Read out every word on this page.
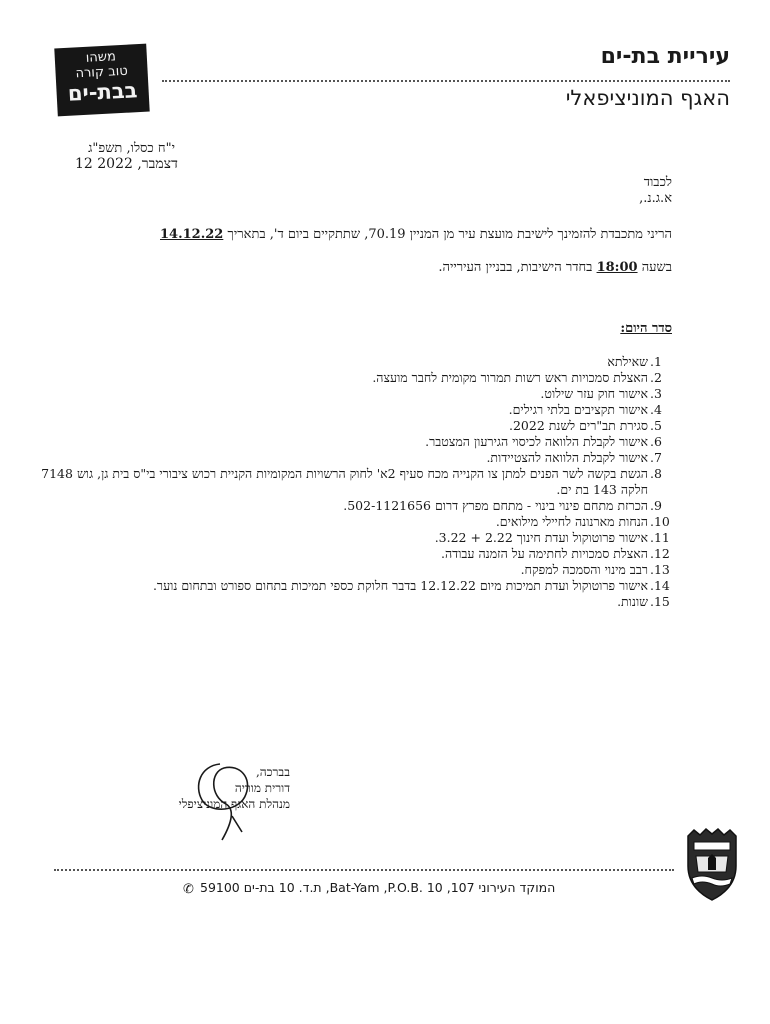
משהו
טוב קורה
בבת-ים
עיריית בת-ים
האגף המוניציפאלי
י"ח כסלו, תשפ"ג
12 דצמבר, 2022
לכבוד
א.ג.נ.,
הריני מתכבדת להזמינך לישיבת מועצת עיר מן המניין 70.19, שתתקיים ביום ד', בתאריך 14.12.22
בשעה 18:00 בחדר הישיבות, בבניין העירייה.
סדר היום:
1.
שאילתא
2.
האצלת סמכויות ראש רשות תמרור מקומית לחבר מועצה.
3.
אישור חוק עזר שילוט.
4.
אישור תקציבים בלתי רגילים.
5.
סגירת תב"רים לשנת 2022.
6.
אישור לקבלת הלוואה לכיסוי הגירעון המצטבר.
7.
אישור לקבלת הלוואה להצטיידות.
8.
הגשת בקשה לשר הפנים למתן צו הקנייה מכח סעיף 2א' לחוק הרשויות המקומיות הקניית רכוש ציבורי בי"ס בית גן, גוש 7148 חלקה 143 בת ים.
9.
הכרזת מתחם פינוי בינוי - מתחם מפרץ דרום 502-1121656.
10.
הנחות מארנונה לחיילי מילואים.
11.
אישור פרוטוקול ועדת חינוך 2.22 + 3.22.
12.
האצלת סמכויות לחתימה על הזמנה עבודה.
13.
רבב מינוי והסמכה למפקח.
14.
אישור פרוטוקול ועדת תמיכות מיום 12.12.22 בדבר חלוקת כספי תמיכות בתחום ספורט ובתחום נוער.
15.
שונות.
בברכה,
דורית מוריה
מנהלת האגף המוניציפלי
✆ ת.ד. 10 בת-ים 59100 ,Bat-Yam ,P.O.B. 10 ,המוקד העירוני 107
